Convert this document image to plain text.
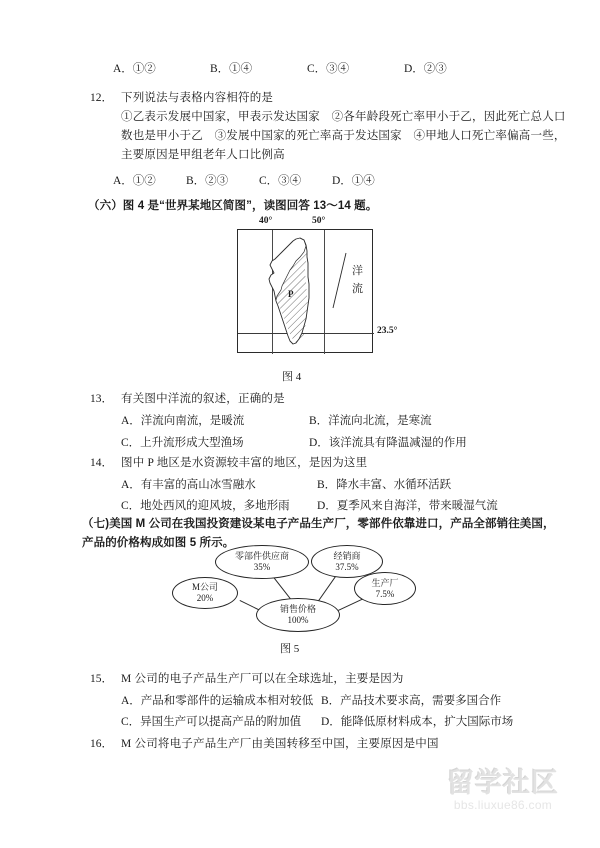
A．①②	B．①④	C．③④	D．②③
12． 下列说法与表格内容相符的是
①乙表示发展中国家，甲表示发达国家　②各年龄段死亡率甲小于乙，因此死亡总人口
数也是甲小于乙　③发展中国家的死亡率高于发达国家　④甲地人口死亡率偏高一些，
主要原因是甲组老年人口比例高
A．①②	B．②③	C．③④	D．①④
（六）图 4 是“世界某地区简图”，读图回答 13～14 题。
40°	50°
P
洋
流
23.5°
图 4
13． 有关图中洋流的叙述，正确的是
A．洋流向南流，是暖流	B．洋流向北流，是寒流
C．上升流形成大型渔场	D．该洋流具有降温减湿的作用
14． 图中 P 地区是水资源较丰富的地区，是因为这里
A．有丰富的高山冰雪融水	B．降水丰富、水循环活跃
C．地处西风的迎风坡，多地形雨 D．夏季风来自海洋，带来暖湿气流
（七)美国 M 公司在我国投资建设某电子产品生产厂，零部件依靠进口，产品全部销往美国，
产品的价格构成如图 5 所示。
零部件供应商
35%
经销商
37.5%
M公司
20%
生产厂
7.5%
销售价格
100%
图 5
15． M 公司的电子产品生产厂可以在全球选址，主要是因为
A．产品和零部件的运输成本相对较低 B．产品技术要求高，需要多国合作
C．异国生产可以提高产品的附加值 D．能降低原材料成本，扩大国际市场
16． M 公司将电子产品生产厂由美国转移至中国，主要原因是中国
留学社区
bbs.liuxue86.com
